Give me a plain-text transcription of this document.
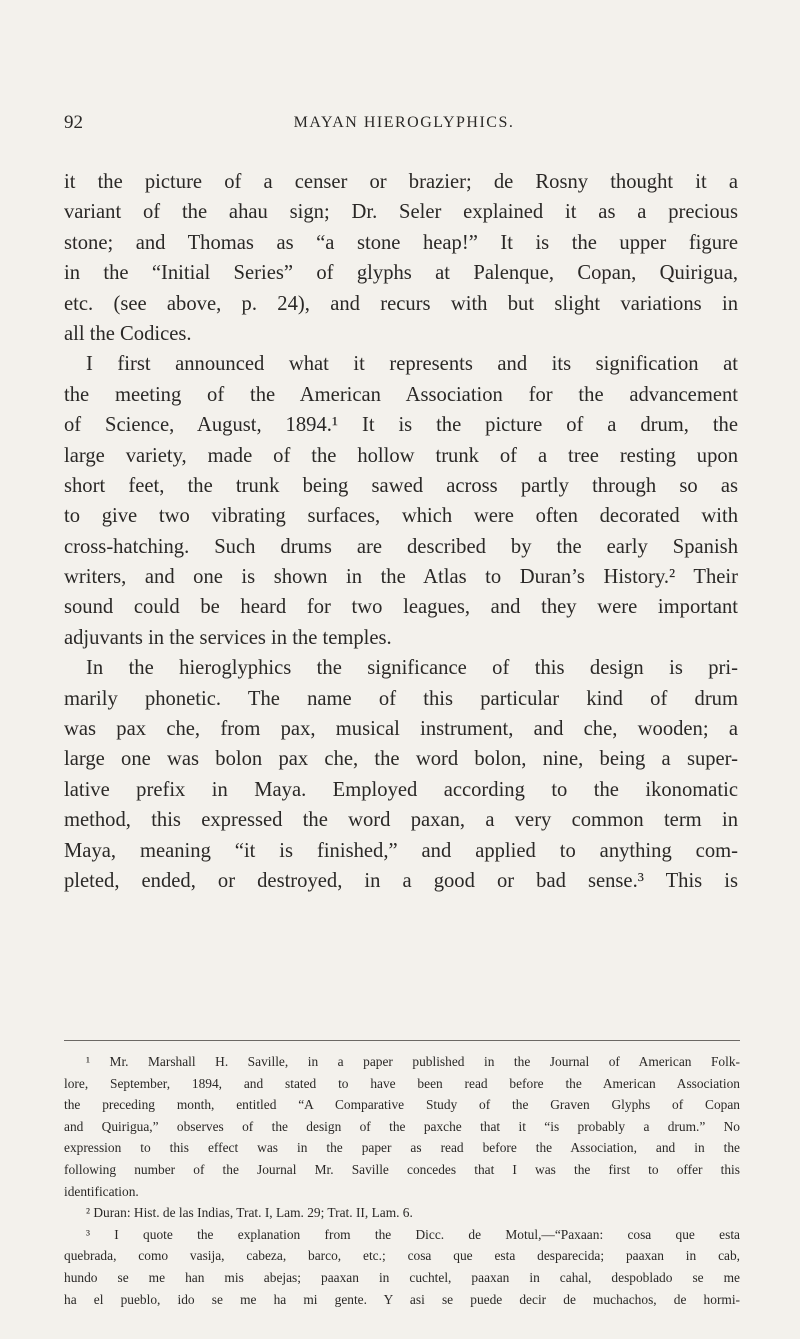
92	MAYAN HIEROGLYPHICS.
it the picture of a censer or brazier; de Rosny thought it a
variant of the ahau sign; Dr. Seler explained it as a precious
stone; and Thomas as “a stone heap!” It is the upper figure
in the “Initial Series” of glyphs at Palenque, Copan, Quirigua,
etc. (see above, p. 24), and recurs with but slight variations in
all the Codices.
I first announced what it represents and its signification at
the meeting of the American Association for the advancement
of Science, August, 1894.¹ It is the picture of a drum, the
large variety, made of the hollow trunk of a tree resting upon
short feet, the trunk being sawed across partly through so as
to give two vibrating surfaces, which were often decorated with
cross-hatching. Such drums are described by the early Spanish
writers, and one is shown in the Atlas to Duran’s History.² Their
sound could be heard for two leagues, and they were important
adjuvants in the services in the temples.
In the hieroglyphics the significance of this design is pri-
marily phonetic. The name of this particular kind of drum
was pax che, from pax, musical instrument, and che, wooden; a
large one was bolon pax che, the word bolon, nine, being a super-
lative prefix in Maya. Employed according to the ikonomatic
method, this expressed the word paxan, a very common term in
Maya, meaning “it is finished,” and applied to anything com-
pleted, ended, or destroyed, in a good or bad sense.³ This is
¹ Mr. Marshall H. Saville, in a paper published in the Journal of American Folk-
lore, September, 1894, and stated to have been read before the American Association
the preceding month, entitled “A Comparative Study of the Graven Glyphs of Copan
and Quirigua,” observes of the design of the paxche that it “is probably a drum.” No
expression to this effect was in the paper as read before the Association, and in the
following number of the Journal Mr. Saville concedes that I was the first to offer this
identification.
² Duran: Hist. de las Indias, Trat. I, Lam. 29; Trat. II, Lam. 6.
³ I quote the explanation from the Dicc. de Motul,—“Paxaan: cosa que esta
quebrada, como vasija, cabeza, barco, etc.; cosa que esta desparecida; paaxan in cab,
hundo se me han mis abejas; paaxan in cuchtel, paaxan in cahal, despoblado se me
ha el pueblo, ido se me ha mi gente. Y asi se puede decir de muchachos, de hormi-
